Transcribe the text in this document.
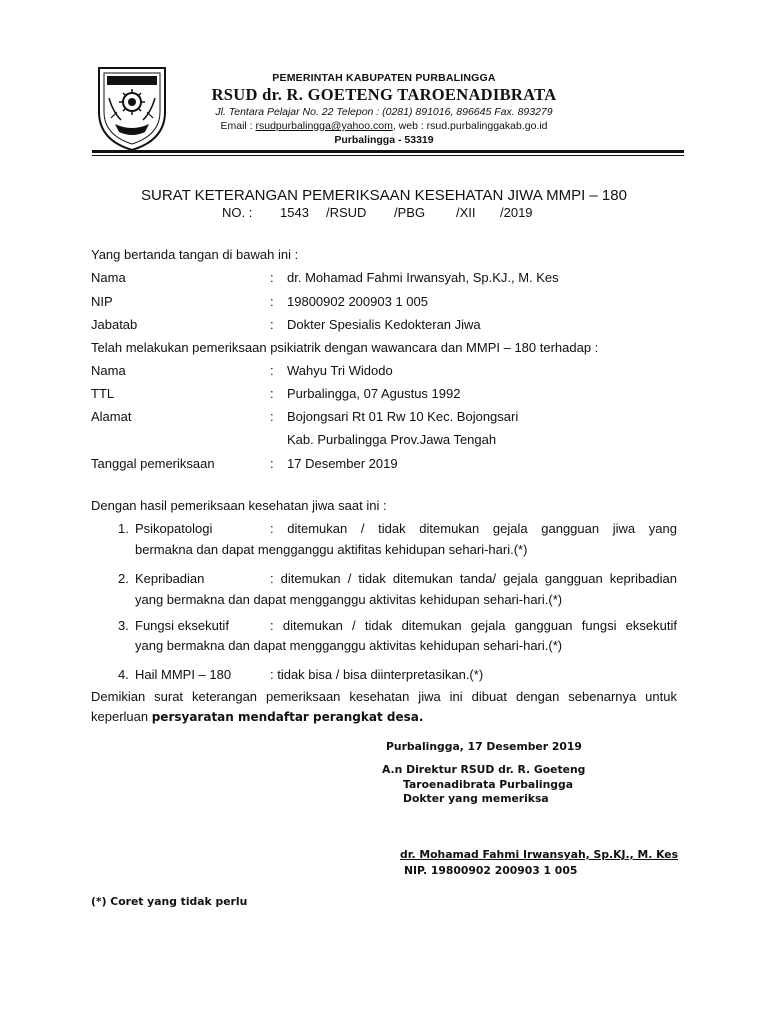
PEMERINTAH KABUPATEN PURBALINGGA
RSUD dr. R. GOETENG TAROENADIBRATA
Jl. Tentara Pelajar No. 22 Telepon : (0281) 891016, 896645 Fax. 893279
Email : rsudpurbalingga@yahoo.com, web : rsud.purbalinggakab.go.id
Purbalingga - 53319
SURAT KETERANGAN PEMERIKSAAN KESEHATAN JIWA MMPI – 180
NO. : 1543 /RSUD /PBG /XII /2019
Yang bertanda tangan di bawah ini :
Nama	: dr. Mohamad Fahmi Irwansyah, Sp.KJ., M. Kes
NIP	: 19800902 200903 1 005
Jabatab	: Dokter Spesialis Kedokteran Jiwa
Telah melakukan pemeriksaan psikiatrik dengan wawancara dan MMPI – 180 terhadap :
Nama	: Wahyu Tri Widodo
TTL	: Purbalingga, 07 Agustus 1992
Alamat	: Bojongsari Rt 01 Rw 10 Kec. Bojongsari
Kab. Purbalingga Prov.Jawa Tengah
Tanggal pemeriksaan	: 17 Desember 2019
Dengan hasil pemeriksaan kesehatan jiwa saat ini :
1. Psikopatologi	: ditemukan / tidak ditemukan gejala gangguan jiwa yang
bermakna dan dapat mengganggu aktifitas kehidupan sehari-hari.(*)
2. Kepribadian	: ditemukan / tidak ditemukan tanda/ gejala gangguan kepribadian
yang bermakna dan dapat mengganggu aktivitas kehidupan sehari-hari.(*)
3. Fungsi eksekutif	: ditemukan / tidak ditemukan gejala gangguan fungsi eksekutif
yang bermakna dan dapat mengganggu aktivitas kehidupan sehari-hari.(*)
4. Hail MMPI – 180	: tidak bisa / bisa diinterpretasikan.(*)
Demikian surat keterangan pemeriksaan kesehatan jiwa ini dibuat dengan sebenarnya untuk
keperluan persyaratan mendaftar perangkat desa.
Purbalingga, 17 Desember 2019
A.n Direktur RSUD dr. R. Goeteng
Taroenadibrata Purbalingga
Dokter yang memeriksa
dr. Mohamad Fahmi Irwansyah, Sp.KJ., M. Kes
NIP. 19800902 200903 1 005
(*) Coret yang tidak perlu
